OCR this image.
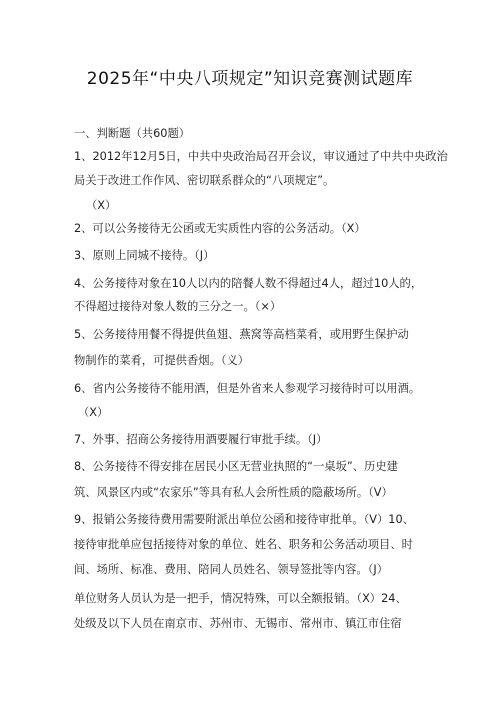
2025年“中央八项规定”知识竞赛测试题库
一、判断题（共60题）
1、2012年12月5日，中共中央政治局召开会议，审议通过了中共中央政治
局关于改进工作作风、密切联系群众的“八项规定”。
（X）
2、可以公务接待无公函或无实质性内容的公务活动。（X）
3、原则上同城不接待。（J）
4、公务接待对象在10人以内的陪餐人数不得超过4人，超过10人的，
不得超过接待对象人数的三分之一。（×）
5、公务接待用餐不得提供鱼翅、燕窝等高档菜肴，或用野生保护动
物制作的菜肴，可提供香烟。（义）
6、省内公务接待不能用酒，但是外省来人参观学习接待时可以用酒。
（X）
7、外事、招商公务接待用酒要履行审批手续。（J）
8、公务接待不得安排在居民小区无营业执照的“一桌坂”、历史建
筑、风景区内或“农家乐”等具有私人会所性质的隐蔽场所。（V）
9、报销公务接待费用需要附派出单位公函和接待审批单。（V）10、
接待审批单应包括接待对象的单位、姓名、职务和公务活动项目、时
间、场所、标准、费用、陪同人员姓名、领导签批等内容。（J）
单位财务人员认为是一把手，情况特殊，可以全额报销。（X）24、
处级及以下人员在南京市、苏州市、无锡市、常州市、镇江市住宿
